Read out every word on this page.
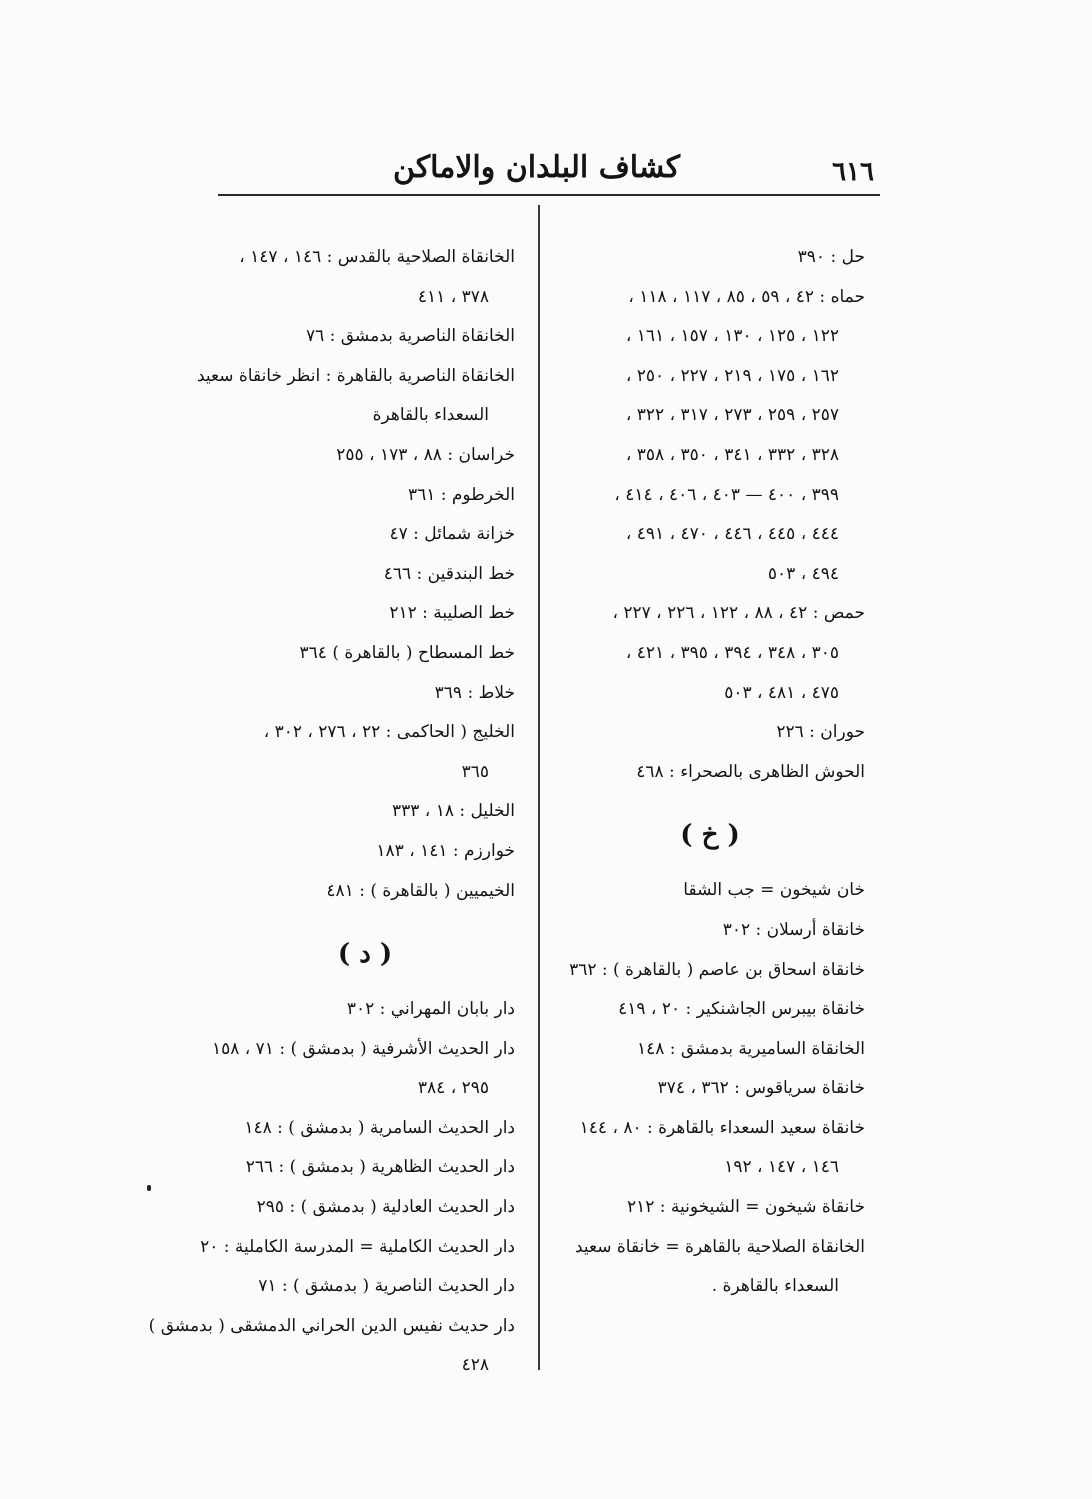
٦١٦
كشاف البلدان والاماكن
حل : ٣٩٠
حماه : ٤٢ ، ٥٩ ، ٨٥ ، ١١٧ ، ١١٨ ،
١٢٢ ، ١٢٥ ، ١٣٠ ، ١٥٧ ، ١٦١ ،
١٦٢ ، ١٧٥ ، ٢١٩ ، ٢٢٧ ، ٢٥٠ ،
٢٥٧ ، ٢٥٩ ، ٢٧٣ ، ٣١٧ ، ٣٢٢ ،
٣٢٨ ، ٣٣٢ ، ٣٤١ ، ٣٥٠ ، ٣٥٨ ،
٣٩٩ ، ٤٠٠ — ٤٠٣ ، ٤٠٦ ، ٤١٤ ،
٤٤٤ ، ٤٤٥ ، ٤٤٦ ، ٤٧٠ ، ٤٩١ ،
٤٩٤ ، ٥٠٣
حمص : ٤٢ ، ٨٨ ، ١٢٢ ، ٢٢٦ ، ٢٢٧ ،
٣٠٥ ، ٣٤٨ ، ٣٩٤ ، ٣٩٥ ، ٤٢١ ،
٤٧٥ ، ٤٨١ ، ٥٠٣
حوران : ٢٢٦
الحوش الظاهرى بالصحراء : ٤٦٨
( خ )
خان شيخون = جب الشقا
خانقاة أرسلان : ٣٠٢
خانقاة اسحاق بن عاصم ( بالقاهرة ) : ٣٦٢
خانقاة بيبرس الجاشنكير : ٢٠ ، ٤١٩
الخانقاة الساميرية بدمشق : ١٤٨
خانقاة سرياقوس : ٣٦٢ ، ٣٧٤
خانقاة سعيد السعداء بالقاهرة : ٨٠ ، ١٤٤
١٤٦ ، ١٤٧ ، ١٩٢
خانقاة شيخون = الشيخونية : ٢١٢
الخانقاة الصلاحية بالقاهرة = خانقاة سعيد
السعداء بالقاهرة .
الخانقاة الصلاحية بالقدس : ١٤٦ ، ١٤٧ ،
٣٧٨ ، ٤١١
الخانقاة الناصرية بدمشق : ٧٦
الخانقاة الناصرية بالقاهرة : انظر خانقاة سعيد
السعداء بالقاهرة
خراسان : ٨٨ ، ١٧٣ ، ٢٥٥
الخرطوم : ٣٦١
خزانة شمائل : ٤٧
خط البندقين : ٤٦٦
خط الصليبة : ٢١٢
خط المسطاح ( بالقاهرة ) ٣٦٤
خلاط : ٣٦٩
الخليج ( الحاكمى : ٢٢ ، ٢٧٦ ، ٣٠٢ ،
٣٦٥
الخليل : ١٨ ، ٣٣٣
خوارزم : ١٤١ ، ١٨٣
الخيميين ( بالقاهرة ) : ٤٨١
( د )
دار بابان المهراني : ٣٠٢
دار الحديث الأشرفية ( بدمشق ) : ٧١ ، ١٥٨
٢٩٥ ، ٣٨٤
دار الحديث السامرية ( بدمشق ) : ١٤٨
دار الحديث الظاهرية ( بدمشق ) : ٢٦٦
دار الحديث العادلية ( بدمشق ) : ٢٩٥
دار الحديث الكاملية = المدرسة الكاملية : ٢٠
دار الحديث الناصرية ( بدمشق ) : ٧١
دار حديث نفيس الدين الحراني الدمشقى ( بدمشق )
٤٢٨
